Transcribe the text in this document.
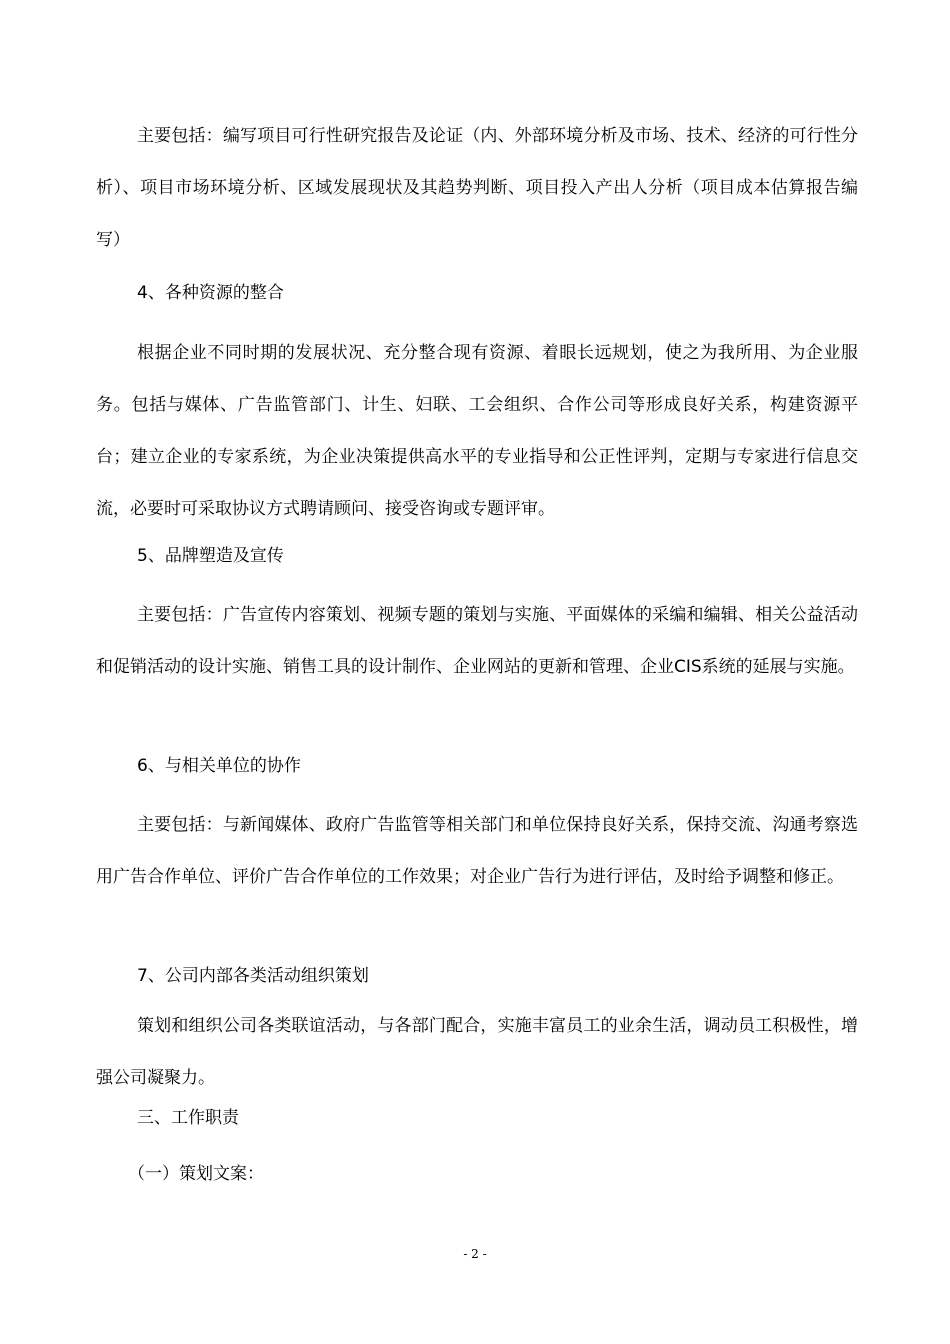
主要包括：编写项目可行性研究报告及论证（内、外部环境分析及市场、技术、经济的可行性分析）、项目市场环境分析、区域发展现状及其趋势判断、项目投入产出人分析（项目成本估算报告编写）

4、各种资源的整合

根据企业不同时期的发展状况、充分整合现有资源、着眼长远规划，使之为我所用、为企业服务。包括与媒体、广告监管部门、计生、妇联、工会组织、合作公司等形成良好关系，构建资源平台；建立企业的专家系统，为企业决策提供高水平的专业指导和公正性评判，定期与专家进行信息交流，必要时可采取协议方式聘请顾问、接受咨询或专题评审。

5、品牌塑造及宣传

主要包括：广告宣传内容策划、视频专题的策划与实施、平面媒体的采编和编辑、相关公益活动和促销活动的设计实施、销售工具的设计制作、企业网站的更新和管理、企业CIS系统的延展与实施。

6、与相关单位的协作

主要包括：与新闻媒体、政府广告监管等相关部门和单位保持良好关系，保持交流、沟通考察选用广告合作单位、评价广告合作单位的工作效果；对企业广告行为进行评估，及时给予调整和修正。

7、公司内部各类活动组织策划

策划和组织公司各类联谊活动，与各部门配合，实施丰富员工的业余生活，调动员工积极性，增强公司凝聚力。

三、工作职责

（一）策划文案：

- 2 -
